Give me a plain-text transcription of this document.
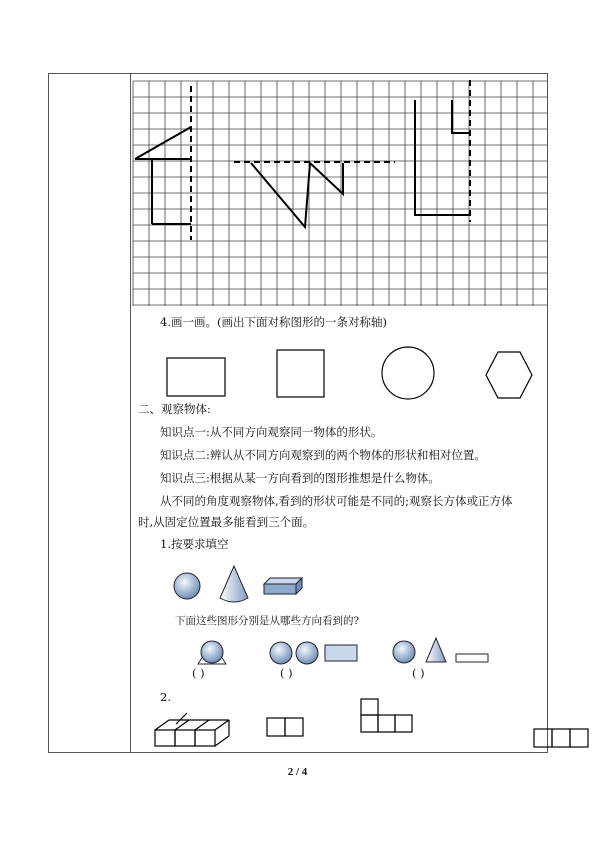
4.画一画。(画出下面对称图形的一条对称轴)
二、观察物体:
知识点一:从不同方向观察同一物体的形状。
知识点二:辨认从不同方向观察到的两个物体的形状和相对位置。
知识点三:根据从某一方向看到的图形推想是什么物体。
从不同的角度观察物体,看到的形状可能是不同的;观察长方体或正方体
时,从固定位置最多能看到三个面。
1.按要求填空
下面这些图形分别是从哪些方向看到的?
( )	( )	( )
2.
2 / 4
